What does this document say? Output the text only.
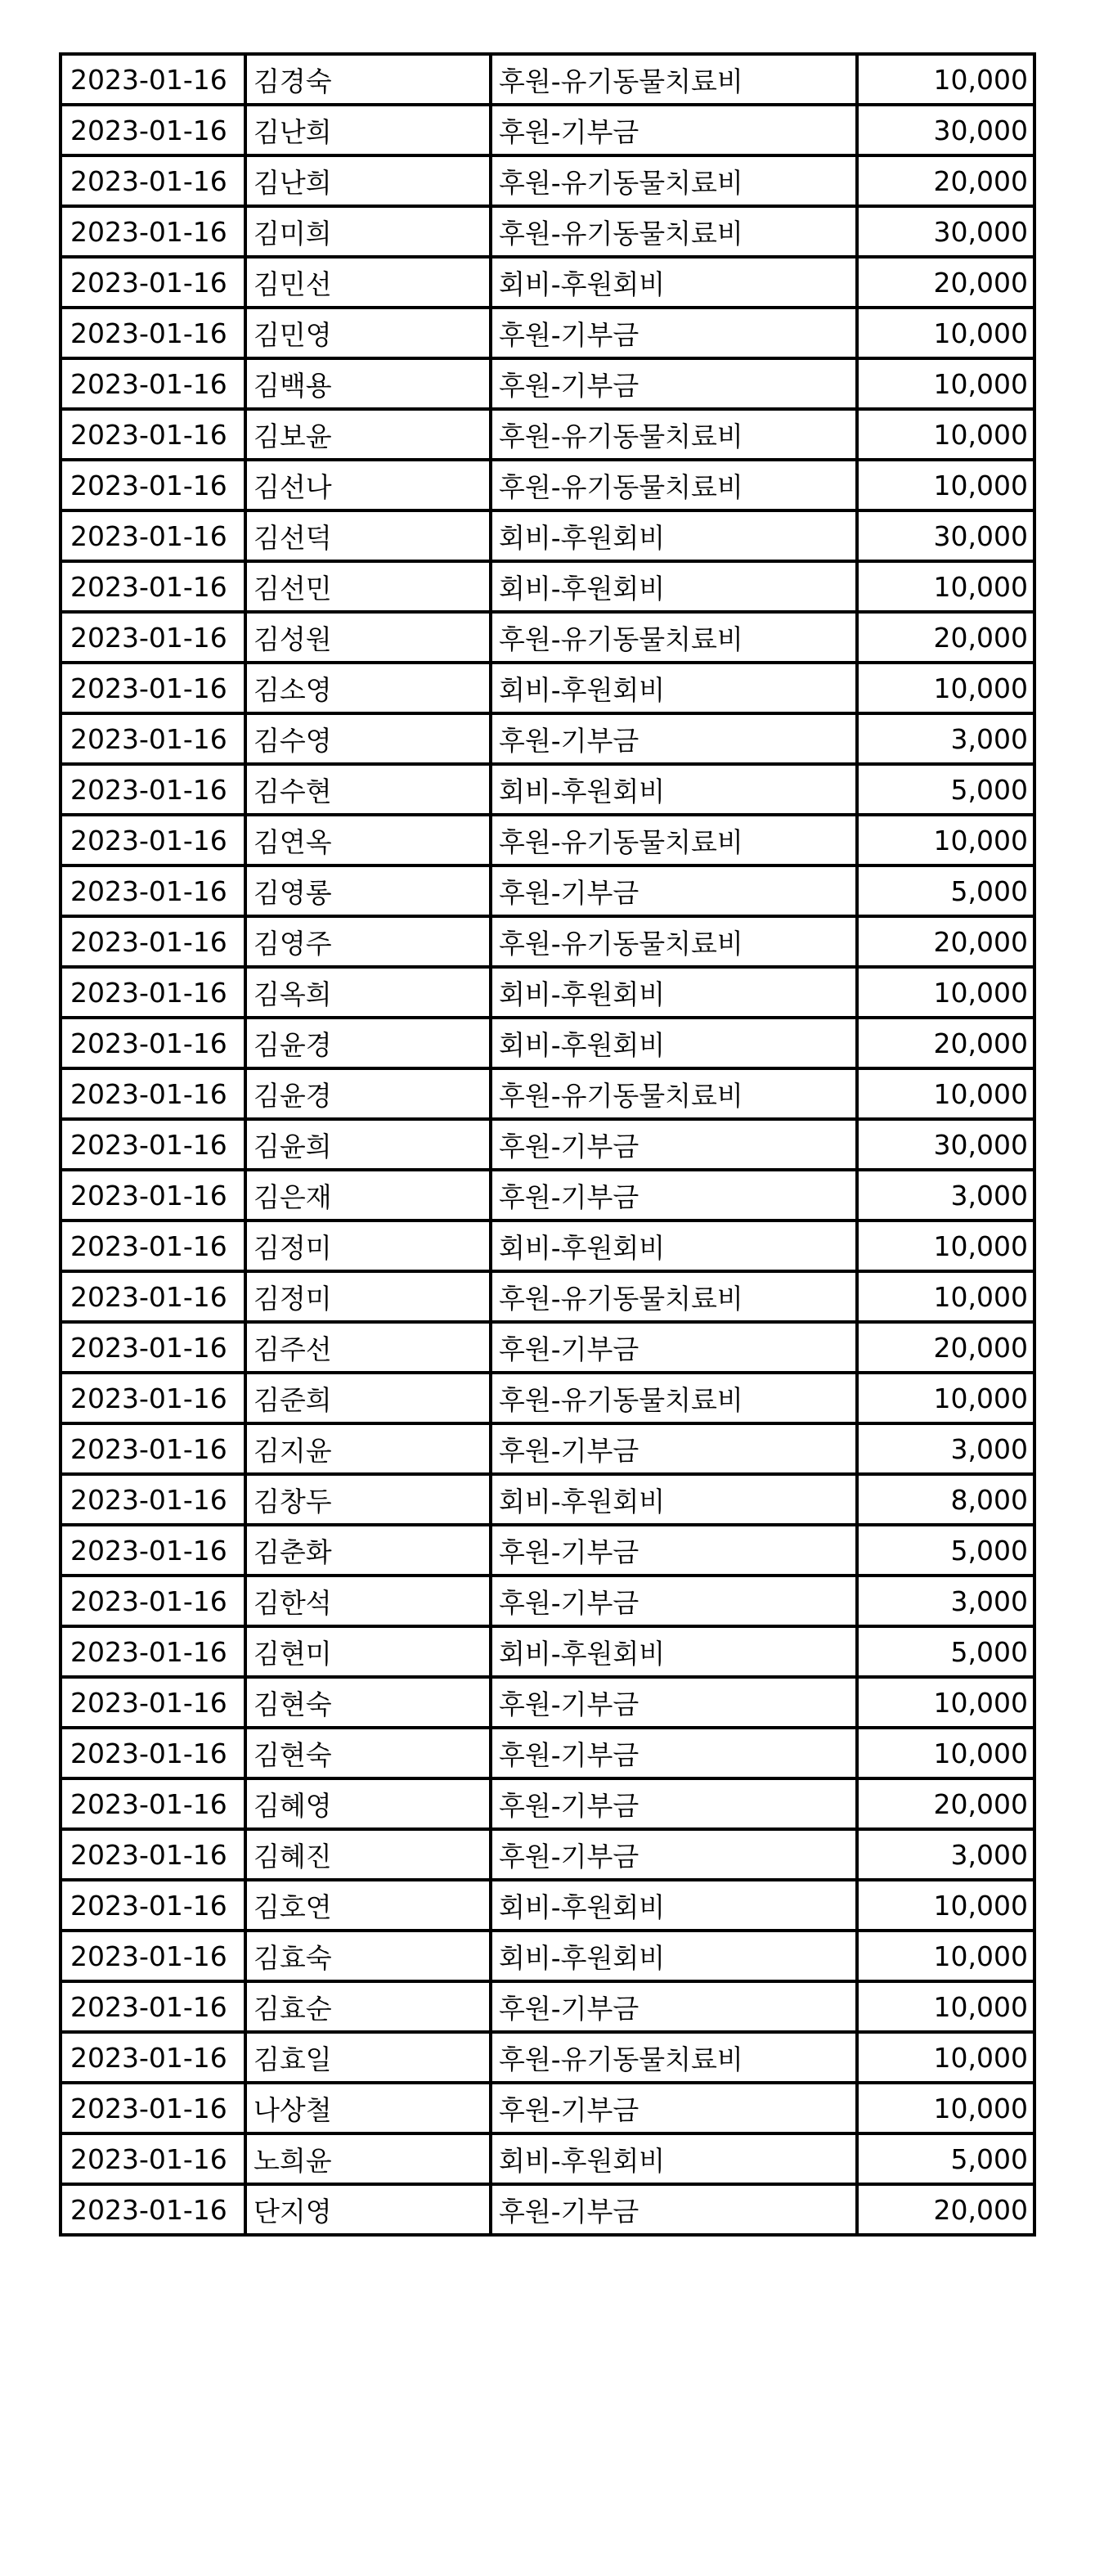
2023-01-16	김경숙	후원-유기동물치료비	10,000
2023-01-16	김난희	후원-기부금	30,000
2023-01-16	김난희	후원-유기동물치료비	20,000
2023-01-16	김미희	후원-유기동물치료비	30,000
2023-01-16	김민선	회비-후원회비	20,000
2023-01-16	김민영	후원-기부금	10,000
2023-01-16	김백용	후원-기부금	10,000
2023-01-16	김보윤	후원-유기동물치료비	10,000
2023-01-16	김선나	후원-유기동물치료비	10,000
2023-01-16	김선덕	회비-후원회비	30,000
2023-01-16	김선민	회비-후원회비	10,000
2023-01-16	김성원	후원-유기동물치료비	20,000
2023-01-16	김소영	회비-후원회비	10,000
2023-01-16	김수영	후원-기부금	3,000
2023-01-16	김수현	회비-후원회비	5,000
2023-01-16	김연옥	후원-유기동물치료비	10,000
2023-01-16	김영롱	후원-기부금	5,000
2023-01-16	김영주	후원-유기동물치료비	20,000
2023-01-16	김옥희	회비-후원회비	10,000
2023-01-16	김윤경	회비-후원회비	20,000
2023-01-16	김윤경	후원-유기동물치료비	10,000
2023-01-16	김윤희	후원-기부금	30,000
2023-01-16	김은재	후원-기부금	3,000
2023-01-16	김정미	회비-후원회비	10,000
2023-01-16	김정미	후원-유기동물치료비	10,000
2023-01-16	김주선	후원-기부금	20,000
2023-01-16	김준희	후원-유기동물치료비	10,000
2023-01-16	김지윤	후원-기부금	3,000
2023-01-16	김창두	회비-후원회비	8,000
2023-01-16	김춘화	후원-기부금	5,000
2023-01-16	김한석	후원-기부금	3,000
2023-01-16	김현미	회비-후원회비	5,000
2023-01-16	김현숙	후원-기부금	10,000
2023-01-16	김현숙	후원-기부금	10,000
2023-01-16	김혜영	후원-기부금	20,000
2023-01-16	김혜진	후원-기부금	3,000
2023-01-16	김호연	회비-후원회비	10,000
2023-01-16	김효숙	회비-후원회비	10,000
2023-01-16	김효순	후원-기부금	10,000
2023-01-16	김효일	후원-유기동물치료비	10,000
2023-01-16	나상철	후원-기부금	10,000
2023-01-16	노희윤	회비-후원회비	5,000
2023-01-16	단지영	후원-기부금	20,000
